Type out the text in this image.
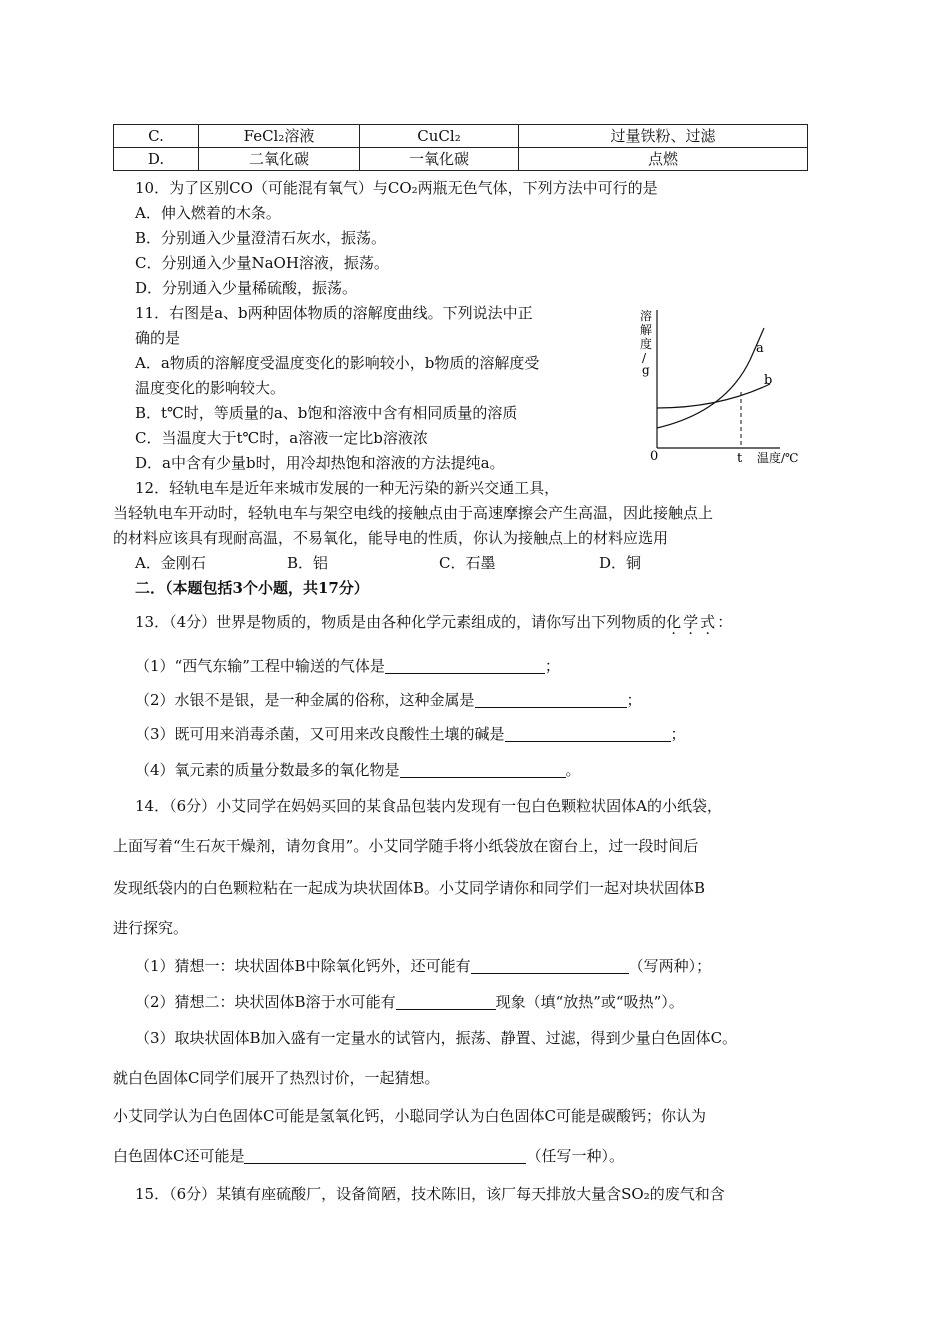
C.	FeCl₂溶液	CuCl₂	过量铁粉、过滤
D.	二氧化碳	一氧化碳	点燃
10．为了区别CO（可能混有氧气）与CO₂两瓶无色气体，下列方法中可行的是
A．伸入燃着的木条。
B．分别通入少量澄清石灰水，振荡。
C．分别通入少量NaOH溶液，振荡。
D．分别通入少量稀硫酸，振荡。
11．右图是a、b两种固体物质的溶解度曲线。下列说法中正
确的是
A．a物质的溶解度受温度变化的影响较小，b物质的溶解度受
温度变化的影响较大。
B．t℃时，等质量的a、b饱和溶液中含有相同质量的溶质
C．当温度大于t℃时，a溶液一定比b溶液浓
D．a中含有少量b时，用冷却热饱和溶液的方法提纯a。
溶 解 度 / g
0	t 温度/℃
a
b
12．轻轨电车是近年来城市发展的一种无污染的新兴交通工具，
当轻轨电车开动时，轻轨电车与架空电线的接触点由于高速摩擦会产生高温，因此接触点上
的材料应该具有现耐高温，不易氧化，能导电的性质，你认为接触点上的材料应选用
A．金刚石	B．铝	C．石墨	D．铜
二．（本题包括3个小题，共17分）
13．（4分）世界是物质的，物质是由各种化学元素组成的，请你写出下列物质的化学式：
（1）“西气东输”工程中输送的气体是	；
（2）水银不是银，是一种金属的俗称，这种金属是	；
（3）既可用来消毒杀菌，又可用来改良酸性土壤的碱是	；
（4）氧元素的质量分数最多的氧化物是	。
14．（6分）小艾同学在妈妈买回的某食品包装内发现有一包白色颗粒状固体A的小纸袋，
上面写着“生石灰干燥剂，请勿食用”。小艾同学随手将小纸袋放在窗台上，过一段时间后
发现纸袋内的白色颗粒粘在一起成为块状固体B。小艾同学请你和同学们一起对块状固体B
进行探究。
（1）猜想一：块状固体B中除氧化钙外，还可能有	（写两种）；
（2）猜想二：块状固体B溶于水可能有	现象（填“放热”或“吸热”）。
（3）取块状固体B加入盛有一定量水的试管内，振荡、静置、过滤，得到少量白色固体C。
就白色固体C同学们展开了热烈讨价，一起猜想。
小艾同学认为白色固体C可能是氢氧化钙，小聪同学认为白色固体C可能是碳酸钙；你认为
白色固体C还可能是	（任写一种）。
15．（6分）某镇有座硫酸厂，设备简陋，技术陈旧，该厂每天排放大量含SO₂的废气和含
